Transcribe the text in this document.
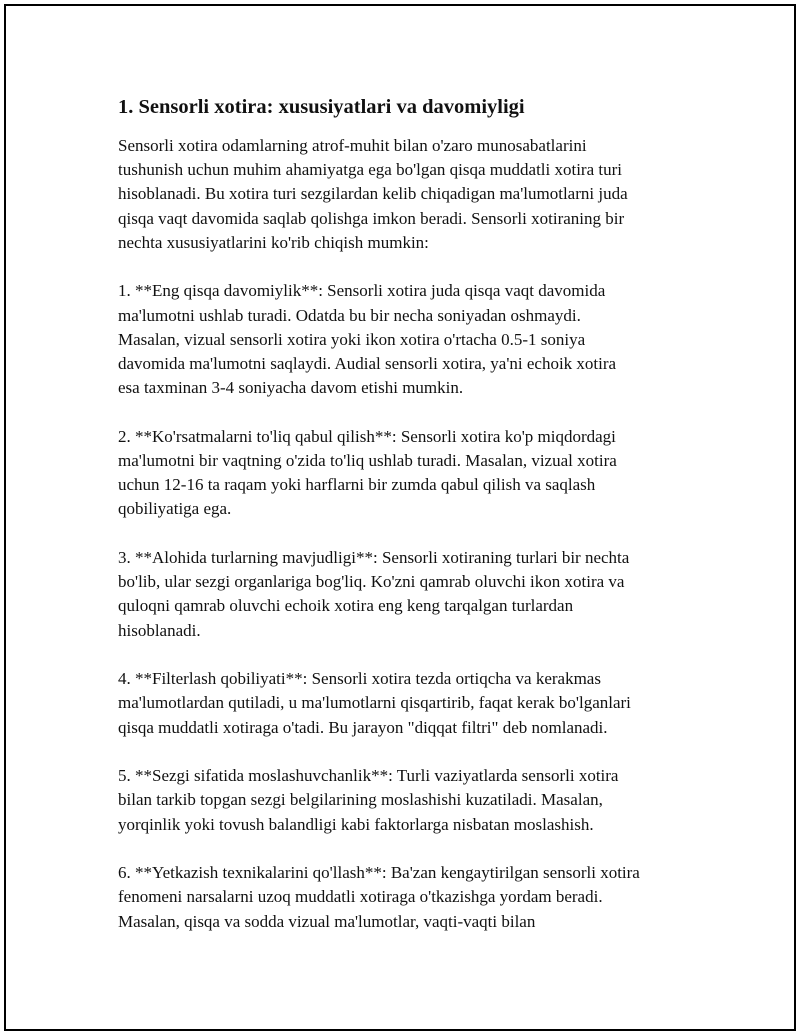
1. Sensorli xotira: xususiyatlari va davomiyligi
Sensorli xotira odamlarning atrof-muhit bilan o'zaro munosabatlarini
tushunish uchun muhim ahamiyatga ega bo'lgan qisqa muddatli xotira turi
hisoblanadi. Bu xotira turi sezgilardan kelib chiqadigan ma'lumotlarni juda
qisqa vaqt davomida saqlab qolishga imkon beradi. Sensorli xotiraning bir
nechta xususiyatlarini ko'rib chiqish mumkin:
1. **Eng qisqa davomiylik**: Sensorli xotira juda qisqa vaqt davomida
ma'lumotni ushlab turadi. Odatda bu bir necha soniyadan oshmaydi.
Masalan, vizual sensorli xotira yoki ikon xotira o'rtacha 0.5-1 soniya
davomida ma'lumotni saqlaydi. Audial sensorli xotira, ya'ni echoik xotira
esa taxminan 3-4 soniyacha davom etishi mumkin.
2. **Ko'rsatmalarni to'liq qabul qilish**: Sensorli xotira ko'p miqdordagi
ma'lumotni bir vaqtning o'zida to'liq ushlab turadi. Masalan, vizual xotira
uchun 12-16 ta raqam yoki harflarni bir zumda qabul qilish va saqlash
qobiliyatiga ega.
3. **Alohida turlarning mavjudligi**: Sensorli xotiraning turlari bir nechta
bo'lib, ular sezgi organlariga bog'liq. Ko'zni qamrab oluvchi ikon xotira va
quloqni qamrab oluvchi echoik xotira eng keng tarqalgan turlardan
hisoblanadi.
4. **Filterlash qobiliyati**: Sensorli xotira tezda ortiqcha va kerakmas
ma'lumotlardan qutiladi, u ma'lumotlarni qisqartirib, faqat kerak bo'lganlari
qisqa muddatli xotiraga o'tadi. Bu jarayon "diqqat filtri" deb nomlanadi.
5. **Sezgi sifatida moslashuvchanlik**: Turli vaziyatlarda sensorli xotira
bilan tarkib topgan sezgi belgilarining moslashishi kuzatiladi. Masalan,
yorqinlik yoki tovush balandligi kabi faktorlarga nisbatan moslashish.
6. **Yetkazish texnikalarini qo'llash**: Ba'zan kengaytirilgan sensorli xotira
fenomeni narsalarni uzoq muddatli xotiraga o'tkazishga yordam beradi.
Masalan, qisqa va sodda vizual ma'lumotlar, vaqti-vaqti bilan
